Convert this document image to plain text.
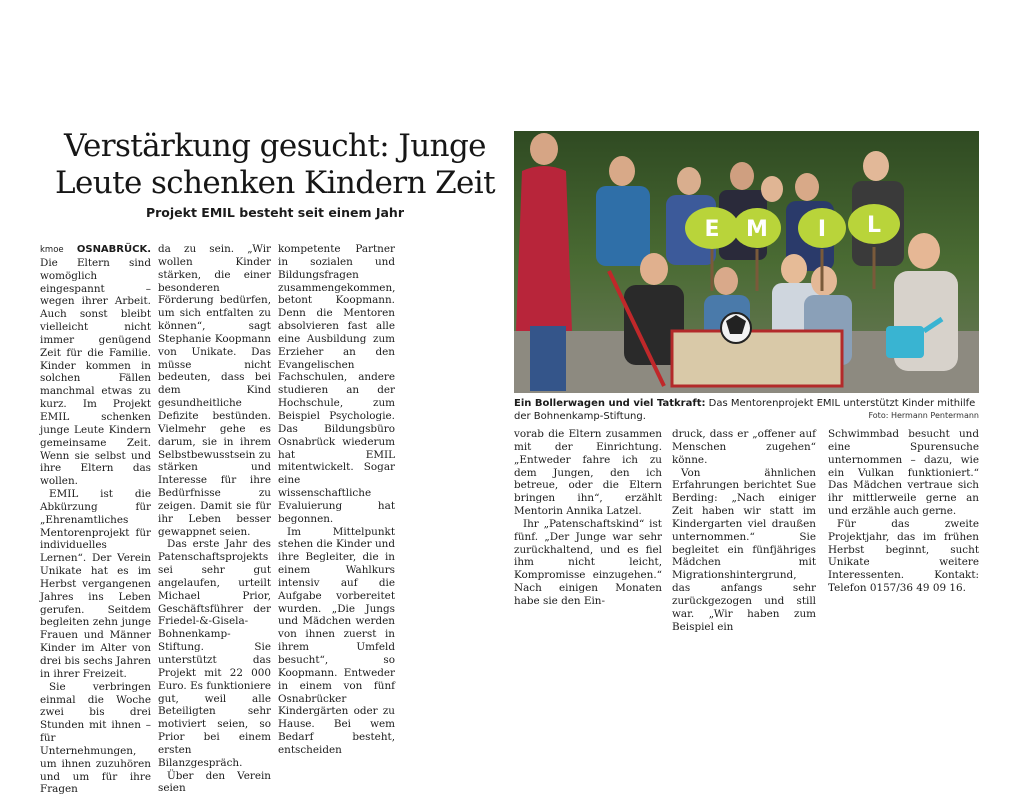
Verstärkung gesucht: Junge
Leute schenken Kindern Zeit
Projekt EMIL besteht seit einem Jahr

kmoe OSNABRÜCK. Die Eltern sind womöglich eingespannt – wegen ihrer Arbeit. Auch sonst bleibt vielleicht nicht immer genügend Zeit für die Familie. Kinder kommen in solchen Fällen manchmal etwas zu kurz. Im Projekt EMIL schenken junge Leute Kindern gemeinsame Zeit. Wenn sie selbst und ihre Eltern das wollen.

EMIL ist die Abkürzung für „Ehrenamtliches Mentorenprojekt für individuelles Lernen“. Der Verein Unikate hat es im Herbst vergangenen Jahres ins Leben gerufen. Seitdem begleiten zehn junge Frauen und Männer Kinder im Alter von drei bis sechs Jahren in ihrer Freizeit.

Sie verbringen einmal die Woche zwei bis drei Stunden mit ihnen – für Unternehmungen, um ihnen zuzuhören und um für ihre Fragen

da zu sein. „Wir wollen Kinder stärken, die einer besonderen Förderung bedürfen, um sich entfalten zu können“, sagt Stephanie Koopmann von Unikate. Das müsse nicht bedeuten, dass bei dem Kind gesundheitliche Defizite bestünden. Vielmehr gehe es darum, sie in ihrem Selbstbewusstsein zu stärken und Interesse für ihre Bedürfnisse zu zeigen. Damit sie für ihr Leben besser gewappnet seien.

Das erste Jahr des Patenschaftsprojekts sei sehr gut angelaufen, urteilt Michael Prior, Geschäftsführer der Friedel-&-Gisela-Bohnenkamp-Stiftung. Sie unterstützt das Projekt mit 22 000 Euro. Es funktioniere gut, weil alle Beteiligten sehr motiviert seien, so Prior bei einem ersten Bilanzgespräch.

Über den Verein seien

kompetente Partner in sozialen und Bildungsfragen zusammengekommen, betont Koopmann. Denn die Mentoren absolvieren fast alle eine Ausbildung zum Erzieher an den Evangelischen Fachschulen, andere studieren an der Hochschule, zum Beispiel Psychologie. Das Bildungsbüro Osnabrück wiederum hat EMIL mitentwickelt. Sogar eine wissenschaftliche Evaluierung hat begonnen.

Im Mittelpunkt stehen die Kinder und ihre Begleiter, die in einem Wahlkurs intensiv auf die Aufgabe vorbereitet wurden. „Die Jungs und Mädchen werden von ihnen zuerst in ihrem Umfeld besucht“, so Koopmann. Entweder in einem von fünf Osnabrücker Kindergärten oder zu Hause. Bei wem Bedarf besteht, entscheiden

E M I L
Ein Bollerwagen und viel Tatkraft: Das Mentorenprojekt EMIL unterstützt Kinder mithilfe der Bohnenkamp-Stiftung.	Foto: Hermann Pentermann

vorab die Eltern zusammen mit der Einrichtung. „Entweder fahre ich zu dem Jungen, den ich betreue, oder die Eltern bringen ihn“, erzählt Mentorin Annika Latzel.

Ihr „Patenschaftskind“ ist fünf. „Der Junge war sehr zurückhaltend, und es fiel ihm nicht leicht, Kompromisse einzugehen.“ Nach einigen Monaten habe sie den Ein-

druck, dass er „offener auf Menschen zugehen“ könne.

Von ähnlichen Erfahrungen berichtet Sue Berding: „Nach einiger Zeit haben wir statt im Kindergarten viel draußen unternommen.“ Sie begleitet ein fünfjähriges Mädchen mit Migrationshintergrund, das anfangs sehr zurückgezogen und still war. „Wir haben zum Beispiel ein

Schwimmbad besucht und eine Spurensuche unternommen – dazu, wie ein Vulkan funktioniert.“ Das Mädchen vertraue sich ihr mittlerweile gerne an und erzähle auch gerne.

Für das zweite Projektjahr, das im frühen Herbst beginnt, sucht Unikate weitere Interessenten. Kontakt: Telefon 0157/36 49 09 16.
